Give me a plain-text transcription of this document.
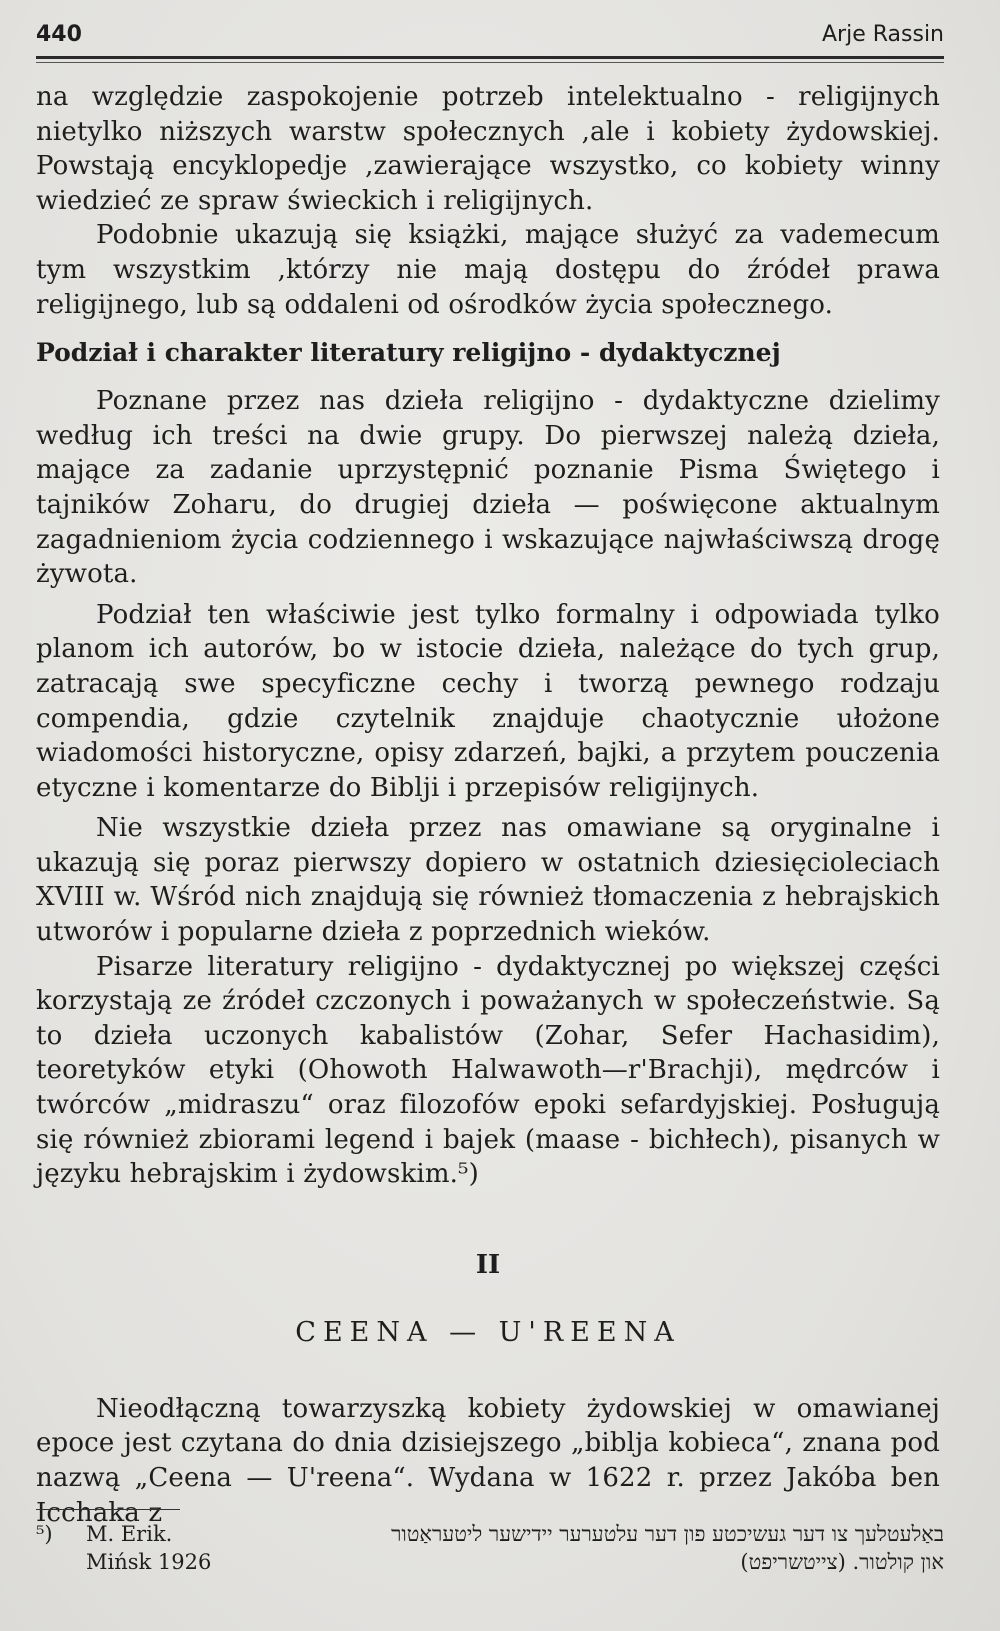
440	Arje Rassin

na względzie zaspokojenie potrzeb intelektualno - religijnych nietylko niższych warstw społecznych ,ale i kobiety żydowskiej. Powstają encyklopedje ,zawierające wszystko, co kobiety winny wiedzieć ze spraw świeckich i religijnych.

Podobnie ukazują się książki, mające służyć za vademecum tym wszystkim ,którzy nie mają dostępu do źródeł prawa religijnego, lub są oddaleni od ośrodków życia społecznego.

Podział i charakter literatury religijno - dydaktycznej

Poznane przez nas dzieła religijno - dydaktyczne dzielimy według ich treści na dwie grupy. Do pierwszej należą dzieła, mające za zadanie uprzystępnić poznanie Pisma Świętego i tajników Zoharu, do drugiej dzieła — poświęcone aktualnym zagadnieniom życia codziennego i wskazujące najwłaściwszą drogę żywota.

Podział ten właściwie jest tylko formalny i odpowiada tylko planom ich autorów, bo w istocie dzieła, należące do tych grup, zatracają swe specyficzne cechy i tworzą pewnego rodzaju compendia, gdzie czytelnik znajduje chaotycznie ułożone wiadomości historyczne, opisy zdarzeń, bajki, a przytem pouczenia etyczne i komentarze do Biblji i przepisów religijnych.

Nie wszystkie dzieła przez nas omawiane są oryginalne i ukazują się poraz pierwszy dopiero w ostatnich dziesięcioleciach XVIII w. Wśród nich znajdują się również tłomaczenia z hebrajskich utworów i popularne dzieła z poprzednich wieków.

Pisarze literatury religijno - dydaktycznej po większej części korzystają ze źródeł czczonych i poważanych w społeczeństwie. Są to dzieła uczonych kabalistów (Zohar, Sefer Hachasidim), teoretyków etyki (Ohowoth Halwawoth—r'Brachji), mędrców i twórców „midraszu“ oraz filozofów epoki sefardyjskiej. Posługują się również zbiorami legend i bajek (maase - bichłech), pisanych w języku hebrajskim i żydowskim.⁵)

II
CEENA — U'REENA

Nieodłączną towarzyszką kobiety żydowskiej w omawianej epoce jest czytana do dnia dzisiejszego „biblja kobieca“, znana pod nazwą „Ceena — U'reena“. Wydana w 1622 r. przez Jakóba ben Icchaka z

⁵) M. Erik.	באַלעטלעך צו דער געשיכטע פון דער עלטערער יידישער ליטעראַטור
Mińsk 1926	און קולטור. (צייטשריפט)
